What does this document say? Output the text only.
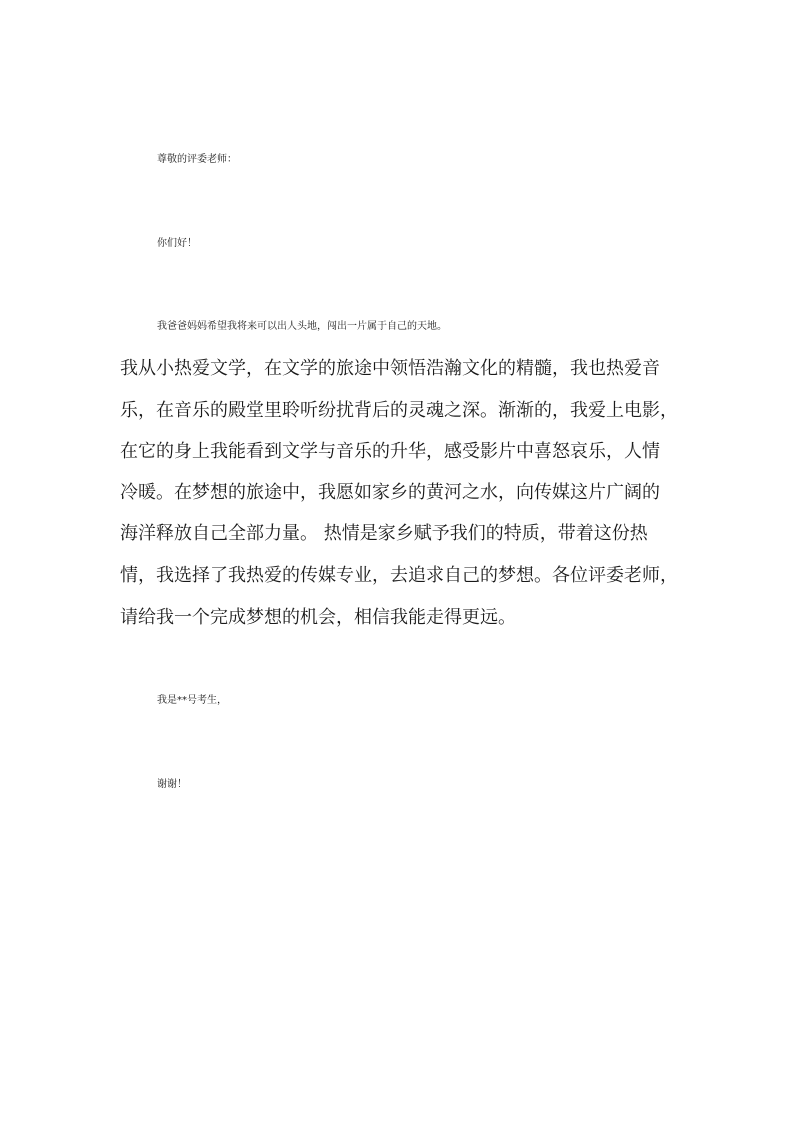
尊敬的评委老师：
你们好！
我爸爸妈妈希望我将来可以出人头地，闯出一片属于自己的天地。
我从小热爱文学，在文学的旅途中领悟浩瀚文化的精髓，我也热爱音
乐，在音乐的殿堂里聆听纷扰背后的灵魂之深。渐渐的，我爱上电影，
在它的身上我能看到文学与音乐的升华，感受影片中喜怒哀乐，人情
冷暖。在梦想的旅途中，我愿如家乡的黄河之水，向传媒这片广阔的
海洋释放自己全部力量。 热情是家乡赋予我们的特质，带着这份热
情，我选择了我热爱的传媒专业，去追求自己的梦想。各位评委老师，
请给我一个完成梦想的机会，相信我能走得更远。
我是**号考生，
谢谢！
